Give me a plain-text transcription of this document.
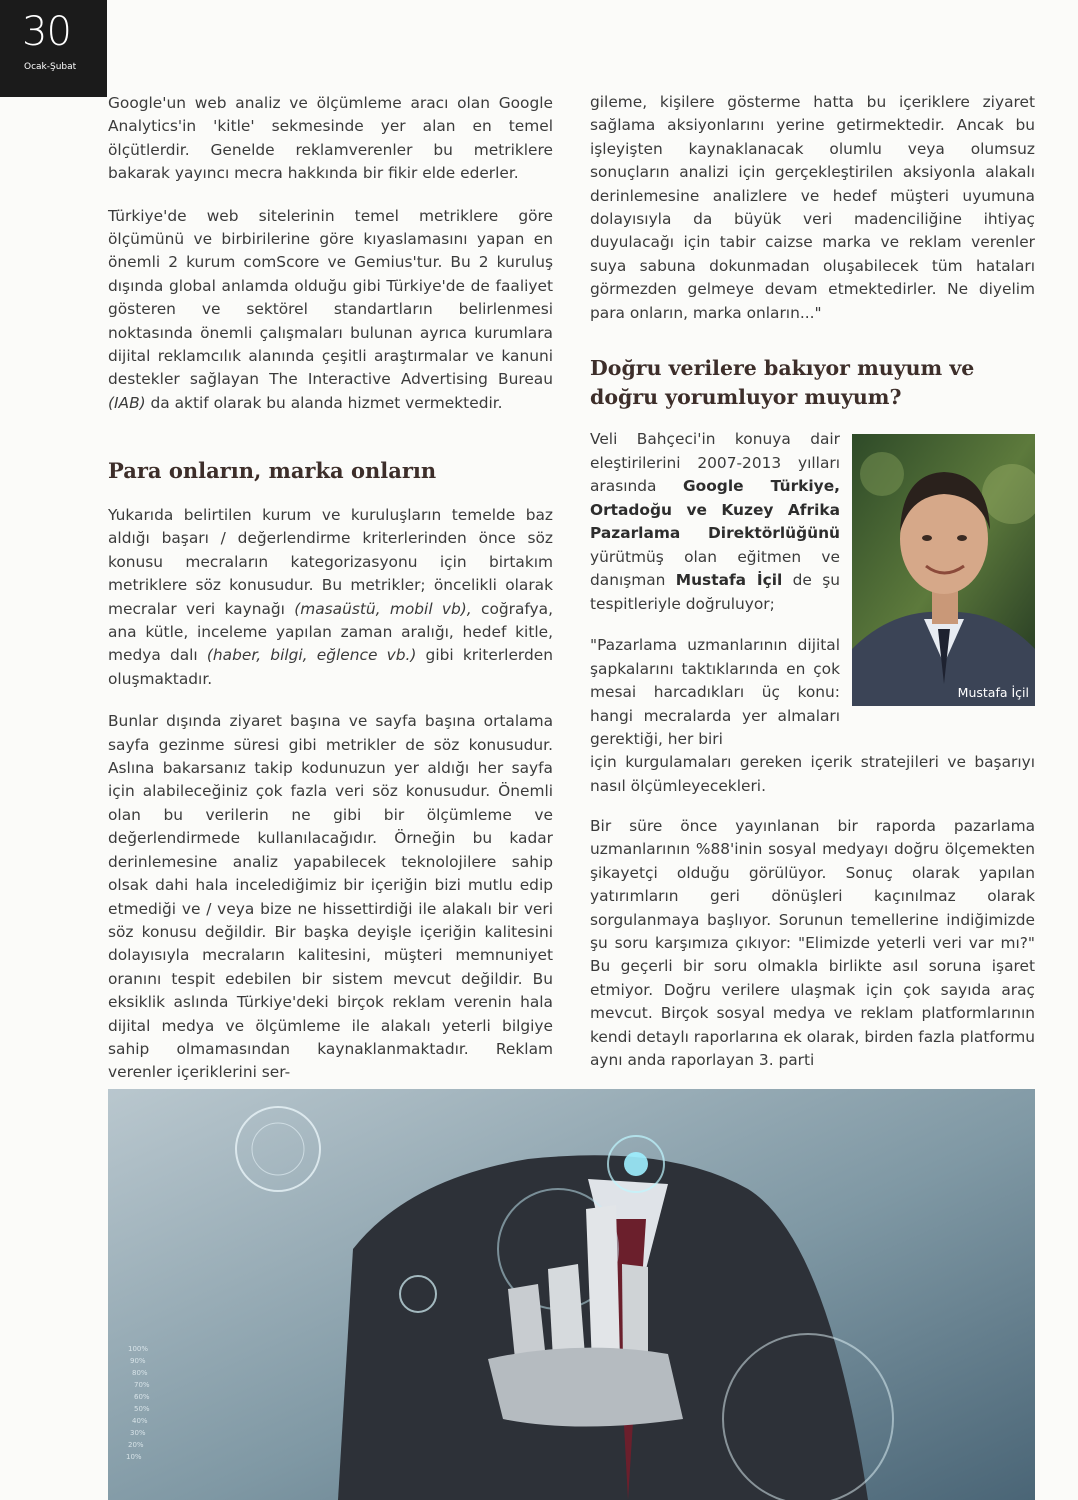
30
Ocak-Şubat

Google'un web analiz ve ölçümleme aracı olan Google Analytics'in 'kitle' sekmesinde yer alan en temel ölçütlerdir. Genelde reklamverenler bu metriklere bakarak yayıncı mecra hakkında bir fikir elde ederler.

Türkiye'de web sitelerinin temel metriklere göre ölçümünü ve birbirilerine göre kıyaslamasını yapan en önemli 2 kurum comScore ve Gemius'tur. Bu 2 kuruluş dışında global anlamda olduğu gibi Türkiye'de de faaliyet gösteren ve sektörel standartların belirlenmesi noktasında önemli çalışmaları bulunan ayrıca kurumlara dijital reklamcılık alanında çeşitli araştırmalar ve kanuni destekler sağlayan The Interactive Advertising Bureau (IAB) da aktif olarak bu alanda hizmet vermektedir.

Para onların, marka onların

Yukarıda belirtilen kurum ve kuruluşların temelde baz aldığı başarı / değerlendirme kriterlerinden önce söz konusu mecraların kategorizasyonu için birtakım metriklere söz konusudur. Bu metrikler; öncelikli olarak mecralar veri kaynağı (masaüstü, mobil vb), coğrafya, ana kütle, inceleme yapılan zaman aralığı, hedef kitle, medya dalı (haber, bilgi, eğlence vb.) gibi kriterlerden oluşmaktadır.

Bunlar dışında ziyaret başına ve sayfa başına ortalama sayfa gezinme süresi gibi metrikler de söz konusudur. Aslına bakarsanız takip kodunuzun yer aldığı her sayfa için alabileceğiniz çok fazla veri söz konusudur. Önemli olan bu verilerin ne gibi bir ölçümleme ve değerlendirmede kullanılacağıdır. Örneğin bu kadar derinlemesine analiz yapabilecek teknolojilere sahip olsak dahi hala incelediğimiz bir içeriğin bizi mutlu edip etmediği ve / veya bize ne hissettirdiği ile alakalı bir veri söz konusu değildir. Bir başka deyişle içeriğin kalitesini dolayısıyla mecraların kalitesini, müşteri memnuniyet oranını tespit edebilen bir sistem mevcut değildir. Bu eksiklik aslında Türkiye'deki birçok reklam verenin hala dijital medya ve ölçümleme ile alakalı yeterli bilgiye sahip olmamasından kaynaklanmaktadır. Reklam verenler içeriklerini ser-

gileme, kişilere gösterme hatta bu içeriklere ziyaret sağlama aksiyonlarını yerine getirmektedir. Ancak bu işleyişten kaynaklanacak olumlu veya olumsuz sonuçların analizi için gerçekleştirilen aksiyonla alakalı derinlemesine analizlere ve hedef müşteri uyumuna dolayısıyla da büyük veri madenciliğine ihtiyaç duyulacağı için tabir caizse marka ve reklam verenler suya sabuna dokunmadan oluşabilecek tüm hataları görmezden gelmeye devam etmektedirler. Ne diyelim para onların, marka onların..."

Doğru verilere bakıyor muyum ve doğru yorumluyor muyum?
Veli Bahçeci'in konuya dair eleştirilerini 2007-2013 yılları arasında Google Türkiye, Ortadoğu ve Kuzey Afrika Pazarlama Direktörlüğünü yürütmüş olan eğitmen ve danışman Mustafa İçil de şu tespitleriyle doğruluyor;
"Pazarlama uzmanlarının dijital şapkalarını taktıklarında en çok mesai harcadıkları üç konu: hangi mecralarda yer almaları gerektiği, her biri
için kurgulamaları gereken içerik stratejileri ve başarıyı nasıl ölçümleyecekleri.
Bir süre önce yayınlanan bir raporda pazarlama uzmanlarının %88'inin sosyal medyayı doğru ölçemekten şikayetçi olduğu görülüyor. Sonuç olarak yapılan yatırımların geri dönüşleri kaçınılmaz olarak sorgulanmaya başlıyor. Sorunun temellerine indiğimizde şu soru karşımıza çıkıyor: "Elimizde yeterli veri var mı?" Bu geçerli bir soru olmakla birlikte asıl soruna işaret etmiyor. Doğru verilere ulaşmak için çok sayıda araç mevcut. Birçok sosyal medya ve reklam platformlarının kendi detaylı raporlarına ek olarak, birden fazla platformu aynı anda raporlayan 3. parti
Mustafa İçil
100%
90%
80%
70%
60%
50%
40%
30%
20%
10%
